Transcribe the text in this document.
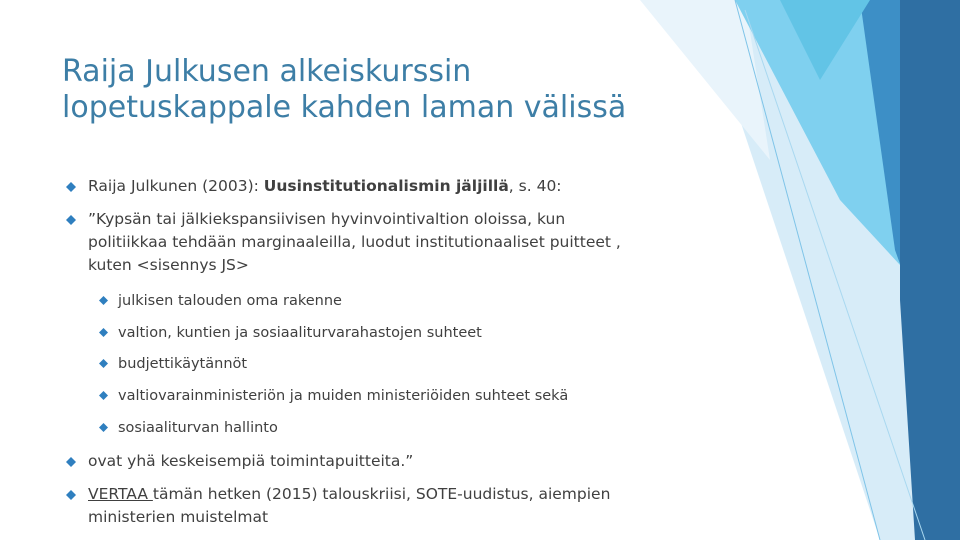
Raija Julkusen alkeiskurssin
lopetuskappale kahden laman välissä
Raija Julkunen (2003): Uusinstitutionalismin jäljillä, s. 40:
”Kypsän tai jälkiekspansiivisen hyvinvointivaltion oloissa, kun
politiikkaa tehdään marginaaleilla, luodut institutionaaliset puitteet ,
kuten <sisennys JS>
julkisen talouden oma rakenne
valtion, kuntien ja sosiaaliturvarahastojen suhteet
budjettikäytännöt
valtiovarainministeriön ja muiden ministeriöiden suhteet sekä
sosiaaliturvan hallinto
ovat yhä keskeisempiä toimintapuitteita.”
VERTAA tämän hetken (2015) talouskriisi, SOTE-uudistus, aiempien
ministerien muistelmat
